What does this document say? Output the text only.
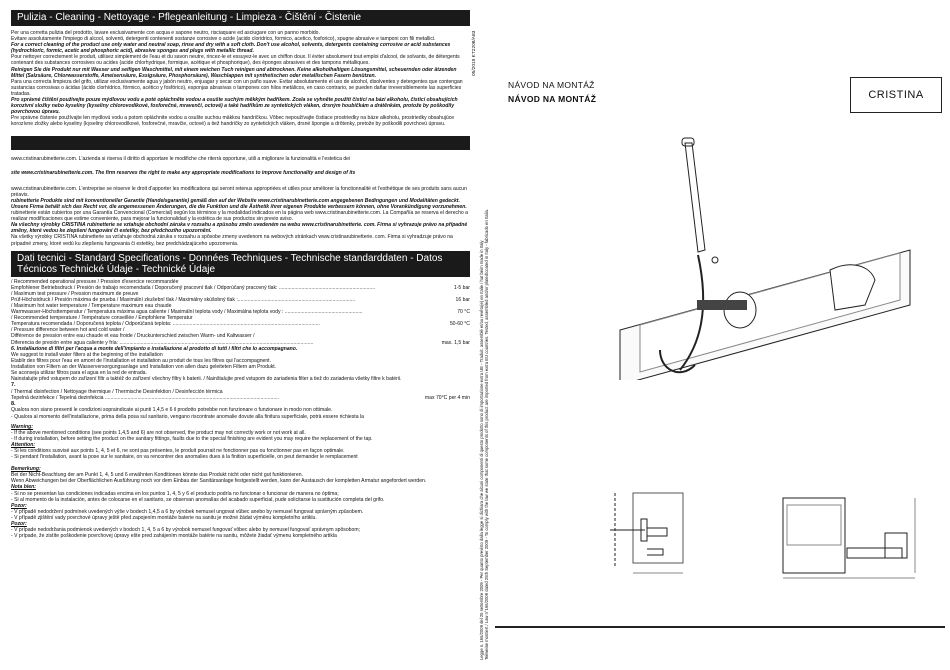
Pulizia - Cleaning - Nettoyage - Pflegeanleitung - Limpieza - Čištění - Čistenie

Per una corretta pulizia del prodotto, lavare esclusivamente con acqua e sapone neutro, risciaquare ed asciugare con un panno morbido.

Evitare assolutamente l'impiego di alcool, solventi, detergenti contenenti sostanze corrosive o acide (acido cloridrico, formico, acetico, fosforico), spugne abrasive e tamponi con fili metallici.

For a correct cleaning of the product use only water and neutral soap, rinse and dry with a soft cloth. Don't use alcohol, solvents, detergents containing corrosive or acid substances (hydrochloric, formic, acetic and phosphoric acid), abrasive sponges and plugs with metallic thread.

Pour nettoyer correctement le produit, utilisez simplement de l'eau et du savon neutre, rincez-le et essuyez-le avec un chiffon doux. Il éviter absolument tout emploi d'alcool, de solvants, de détergents contenant des substances corrosives ou acides (acide chlorhydrique, formique, acétique et phosphorique), des éponges abrasives et des tampons métalliques.

Reinigen Sie die Produkt nur mit Wasser und seifigen Waschmittel, mit einem weichen Tuch reinigen und abtrocknen. Keine alkoholhaltigen Lösungsmittel, scheuernden oder ätzenden Mittel (Salzsäure, Chlorwasserstoffe, Ameisensäure, Essigsäure, Phosphorsäure), Waschlappen mit synthetischen oder metallischen Fasern benützen.

Para una correcta limpieza del grifo, utilizar exclusivamente agua y jabón neutro, enjuagar y secar con un paño suave. Evitar absolutamente el uso de alcohol, disolventes y detergentes que contengan sustancias corrosivas o ácidas (ácido clorhídrico, fórmico, acético y fosfórico), esponjas abrasivas o tampones con hilos metálicos, en caso contrario, se pueden dañar irreversiblemente las superficies tratadas.

Pro správné čištění používejte pouze mýdlovou vodu a poté opláchněte vodou a osušte suchým měkkým hadříkem. Zcela se vyhněte použití čisticí na bázi alkoholu, čisticí obsahujících korozivní složky nebo kyseliny (kyseliny chlorovodíkové, fosforečné, mravenčí, octové) a také hadříkům ze syntetických vláken, drsným houbičkám a drátěnkám, protože by poškodily povrchovou úpravu.

Pre správne čistenie používajte len mydlovú vodu a potom opláchnite vodou a osušte suchou mäkkou handričkou. Vôbec nepoužívajte čistiace prostriedky na báze alkoholu, prostriedky obsahujúce korozívne zložky alebo kyseliny (kyseliny chlorovodíkové, fosforečné, mravčie, octové) a tiež handričky zo syntetických vláken, drsné špongie a drôtenky, pretože by poškodili povrchovú úpravu.

www.cristinarubinetterie.com. L'azienda si riserva il diritto di apportare le modifiche che riterrà opportune, utili a migliorare la funzionalità e l'estetica dei

site www.cristinarubinetterie.com. The firm reserves the right to make any appropriate modifications to improve functionality and design of its

www.cristinarubinetterie.com. L'entreprise se réserve le droit d'apporter les modifications qui seront retenus appropriées et utiles pour améliorer la fonctionnalité et l'esthétique de ses produits sans aucun préavis.

rubinetterie Produkte sind mit konventioneller Garantie (Handelsgarantie) gemäß den auf der Website www.cristinarubinetterie.com angegebenen Bedingungen und Modalitäten gedeckt. Unsere Firma behält sich das Recht vor, die angemessenen Änderungen, die die Funktion und die Ästhetik ihrer eigenen Produkte verbessern können, ohne Vorankündigung vorzunehmen.

rubinetterie están cubiertos por una Garantía Convencional (Comercial) según los términos y la modalidad indicados en la página web www.cristinarubinetterie.com. La Compañía se reserva el derecho a realizar modificaciones que estime conveniente, para mejorar la funcionalidad y la estética de sus productos sin previo aviso.

Na všechny výrobky CRISTINA rubinetterie se vztahuje obchodní záruka v rozsahu a způsobu změn uvedeném na webu www.cristinarubinetterie. com. Firma si vyhrazuje právo na případné změny, které vedou ke zlepšení fungování či estetiky, bez předchozího upozornění.

Na všetky výrobky CRISTINA rubinetterie sa vzťahuje obchodná záruka v rozsahu a spôsobe zmeny uvedenom na webových stránkach www.cristinarubinetterie. com. Firma si vyhradzuje právo na prípadné zmeny, ktoré vedú ku zlepšeniu fungovania či estetiky, bez predchádzajúceho upozornenia.

Dati tecnici - Standard Specifications - Données Techniques - Technische standarddaten - Datos Técnicos Technické Údaje - Technické Údaje
/ Recommended operational pressure / Pression d'esercice recommandée
Empfohlener Betriebsdruck / Presión de trabajo recomendada / Doporučený pracovní tlak / Odporúčaný pracovný tlak: ....................................................................	1-5 bar
/ Maximum test pressure / Pression maximum de preuve
Prüf-Höchstdruck / Presión máxima de prueba / Maximální zkušební tlak / Maximálny skúšobný tlak :...................................................................................	16 bar
/ Maximum hot water temperature / Temperature maximum eau chaude
Warmwasser-Höchsttemperatur / Temperatura máxima agua caliente / Maximální teplota vody / Maximálna teplota vody : .......................................................	70 °C
/ Recommended temperature / Température conseillée / Empfohlene Temperatur
Temperatura recomendada / Doporučená teplota / Odporúčaná teplota: ........................................................................................................	50-60 °C
/ Pressure difference between hot and cold water /
Différence de pression entre eau chaude et eau froide / Druckunterschied zwischen Warm- und Kaltwasser /
Diferencia de presión entre agua caliente y fría: .........................................................................................................................................	max. 1,5 bar
6. Installazione di filtri per l'acqua a monte dell'impianto e installazione al prodotto di tutti i filtri che lo accompagnano.
We suggest to install water filters at the beginning of the installation
Etablir des filtres pour l'eau en amont de l'installation et installation au produit de tous les filtres qui l'accompagnent.
Installation von Filtern an der Wasserversorgungsanlage und Installation von allen dazu geleiteten Filtern am Produkt.
Se aconseja utilizar filtros para el agua en la red de entrada.
Nainstalujte před vstupem do zařízení filtr a taktéž do zařízení všechny filtry k baterii. / Nainštalujte pred vstupom do zariadenia filter a tiež do zariadenia všetky filtre k batérii.
7.
/ Thermal disinfection / Nettoyage thermique / Thermische Desinfektion / Desinfección térmica
Tepelná dezinfekce / Tepelná dezinfekcia ...........................................................................................................................	max 70°C per 4 min
8.
Qualora non siano presenti le condizioni sopraindicate ai punti 1,4,5 e 6 il prodotto potrebbe non funzionare o funzionare in modo non ottimale.
- Qualora al momento dell'installazione, prima della posa sul sanitario, vengano riscontrate anomalie dovute alla finitura superficiale, potrà essere richiesta la
Warning:
- If the above mentioned conditions (see points 1,4,5 and 6) are not observed, the product may not correctly work or not work at all.
- If during installation, before setting the product on the sanitary fittings, faults due to the special finishing are evident you may require the replacement of the tap.
Attention:
- Si les conditions susvisé aux points 1, 4, 5 et 6, ne sont pas présentes, le produit pourrait ne fonctionner pas ou fonctionner pas en façon optimale.
- Si pendant l'installation, avant la pose sur le sanitaire, on va rencontrer des anomalies dues à la finition superficielle, on peut demander le remplacement
Bemerkung:
Bei der Nicht-Beachtung der am Punkt 1, 4, 5 und 6 erwähnten Konditionen könnte das Produkt nicht oder nicht gut funktionieren.
Wenn Abweichungen bei der Oberflächlichen Ausführung noch vor dem Einbau der Sanitärsanlage festgestellt werden, kann der Austausch der kompletten Armatur angefordert werden.
Nota bien:
- Si no se presentan las condiciones indicadas encima en los puntos 1, 4, 5 y 6 el producto podría no funcionar o funcionar de manera no óptima;
- Si al momento de la instalación, antes de colocarse en el sanitario, se observan anomalías del acabado superficial, pude solicitarse la sustitución completa del grifo.
Pozor:
- V případě nedodržení podmínek uvedených výše v bodech 1,4,5 a 6 by výrobek nemusel ungovat vůbec anebo by nemusel fungovat správným způsobem.
- V případě zjištění vady povrchové úpravy ještě před zapojením montáže baterie na sanitu je možné žádat výměnu kompletního artiklu.
Pozor:
- V prípade nedodržania podmienok uvedených v bodoch 1, 4, 5 a 6 by výrobok nemusel fungovať vôbec alebo by nemusel fungovať správnym spôsobom;
- V prípade, že zistíte poškodenie povrchovej úpravy ešte pred zahájením montáže batérie na sanitu, môžete žiadať výmenu kompletného artikla
05/2019 KT2208/A83
Legge n. 166/2009 del 25 settembre 2009 - Per quanto previsto dalla legge si dichiara che alcuni componenti di questo prodotto sono di importazione extra UE - Traduit, assemblé et/ou revêtu(e) en Italie / hat beim made in Italy Teilweise montiert / Law n°166/2009 dated 25th September 2009 - To comply with the law we state that some components of this product are imported from extra EU countries. Tested, assembled and/or plated/coated in Italy - fabricado en Italia.
NÁVOD NA MONTÁŽ
NÁVOD NA MONTÁŽ	CRISTINA
